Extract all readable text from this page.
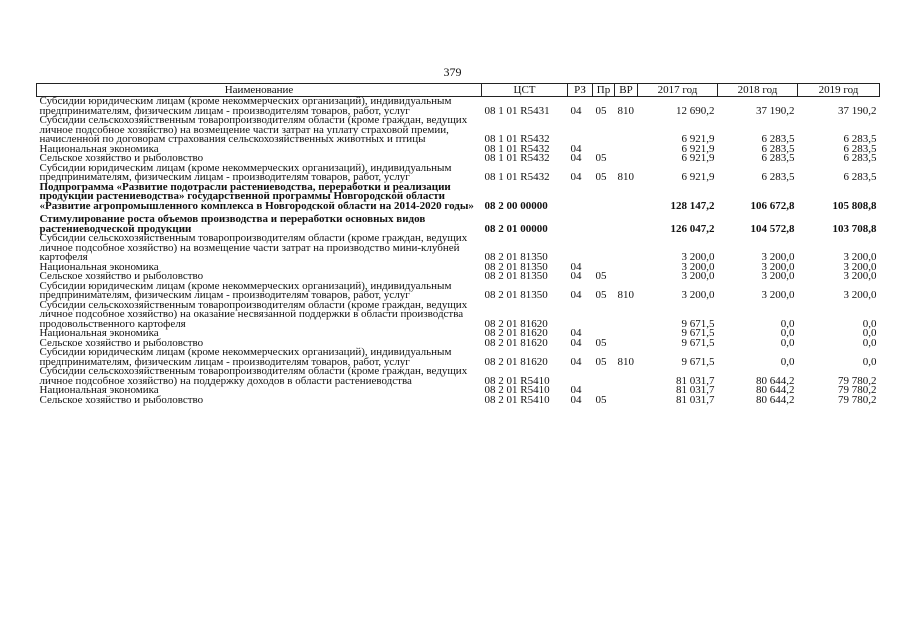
379
Наименование	ЦСТ	РЗ	Пр	ВР	2017 год	2018 год	2019 год
Субсидии юридическим лицам (кроме некоммерческих организаций), индивидуальным предпринимателям, физическим лицам - производителям товаров, работ, услуг	08 1 01 R5431	04	05	810	12 690,2	37 190,2	37 190,2
Субсидии сельскохозяйственным товаропроизводителям области (кроме граждан, ведущих личное подсобное хозяйство) на возмещение части затрат на уплату страховой премии, начисленной по договорам страхования сельскохозяйственных животных и птицы	08 1 01 R5432				6 921,9	6 283,5	6 283,5
Национальная экономика	08 1 01 R5432	04			6 921,9	6 283,5	6 283,5
Сельское хозяйство и рыболовство	08 1 01 R5432	04	05		6 921,9	6 283,5	6 283,5
Субсидии юридическим лицам (кроме некоммерческих организаций), индивидуальным предпринимателям, физическим лицам - производителям товаров, работ, услуг	08 1 01 R5432	04	05	810	6 921,9	6 283,5	6 283,5
Подпрограмма «Развитие подотрасли растениеводства, переработки и реализации продукции растениеводства» государственной программы Новгородской области «Развитие агропромышленного комплекса в Новгородской области на 2014-2020 годы»	08 2 00 00000				128 147,2	106 672,8	105 808,8
Стимулирование роста объемов производства и переработки основных видов растениеводческой продукции	08 2 01 00000				126 047,2	104 572,8	103 708,8
Субсидии сельскохозяйственным товаропроизводителям области (кроме граждан, ведущих личное подсобное хозяйство) на возмещение части затрат на производство мини-клубней картофеля	08 2 01 81350				3 200,0	3 200,0	3 200,0
Национальная экономика	08 2 01 81350	04			3 200,0	3 200,0	3 200,0
Сельское хозяйство и рыболовство	08 2 01 81350	04	05		3 200,0	3 200,0	3 200,0
Субсидии юридическим лицам (кроме некоммерческих организаций), индивидуальным предпринимателям, физическим лицам - производителям товаров, работ, услуг	08 2 01 81350	04	05	810	3 200,0	3 200,0	3 200,0
Субсидии сельскохозяйственным товаропроизводителям области (кроме граждан, ведущих личное подсобное хозяйство) на оказание несвязанной поддержки в области производства продовольственного картофеля	08 2 01 81620				9 671,5	0,0	0,0
Национальная экономика	08 2 01 81620	04			9 671,5	0,0	0,0
Сельское хозяйство и рыболовство	08 2 01 81620	04	05		9 671,5	0,0	0,0
Субсидии юридическим лицам (кроме некоммерческих организаций), индивидуальным предпринимателям, физическим лицам - производителям товаров, работ, услуг	08 2 01 81620	04	05	810	9 671,5	0,0	0,0
Субсидии сельскохозяйственным товаропроизводителям области (кроме граждан, ведущих личное подсобное хозяйство) на поддержку доходов в области растениеводства	08 2 01 R5410				81 031,7	80 644,2	79 780,2
Национальная экономика	08 2 01 R5410	04			81 031,7	80 644,2	79 780,2
Сельское хозяйство и рыболовство	08 2 01 R5410	04	05		81 031,7	80 644,2	79 780,2
